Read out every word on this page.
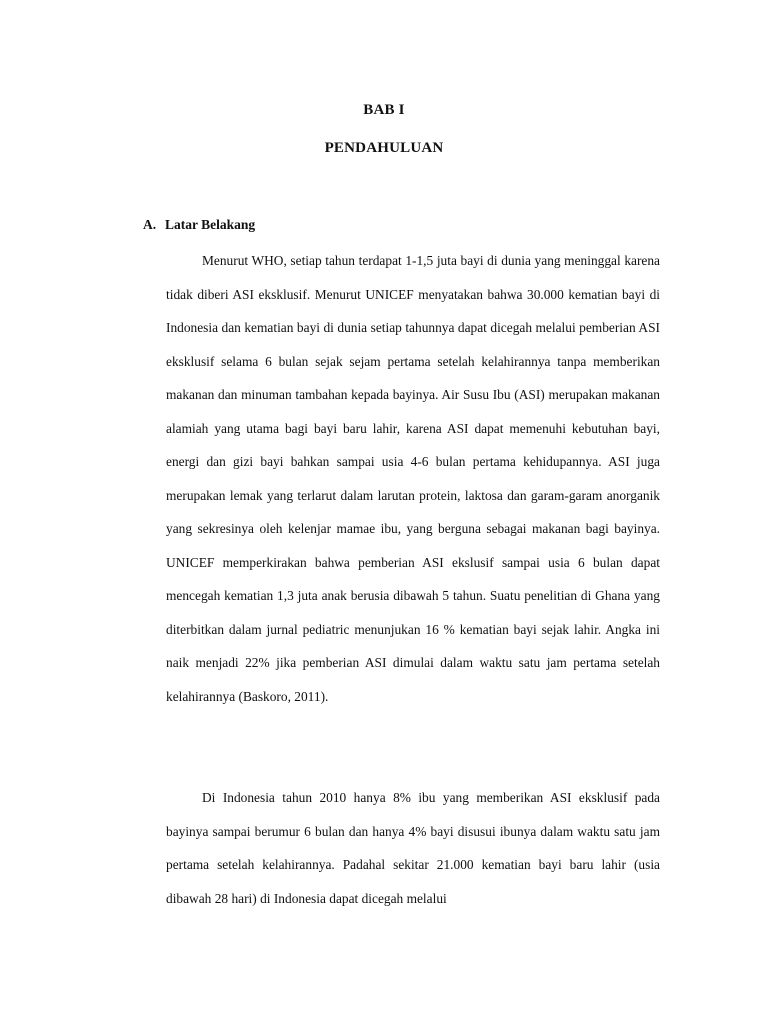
BAB I
PENDAHULUAN
A. Latar Belakang

Menurut WHO, setiap tahun terdapat 1-1,5 juta bayi di dunia yang meninggal karena tidak diberi ASI eksklusif. Menurut UNICEF menyatakan bahwa 30.000 kematian bayi di Indonesia dan kematian bayi di dunia setiap tahunnya dapat dicegah melalui pemberian ASI eksklusif selama 6 bulan sejak sejam pertama setelah kelahirannya tanpa memberikan makanan dan minuman tambahan kepada bayinya. Air Susu Ibu (ASI) merupakan makanan alamiah yang utama bagi bayi baru lahir, karena ASI dapat memenuhi kebutuhan bayi, energi dan gizi bayi bahkan sampai usia 4-6 bulan pertama kehidupannya. ASI juga merupakan lemak yang terlarut dalam larutan protein, laktosa dan garam-garam anorganik yang sekresinya oleh kelenjar mamae ibu, yang berguna sebagai makanan bagi bayinya. UNICEF memperkirakan bahwa pemberian ASI ekslusif sampai usia 6 bulan dapat mencegah kematian 1,3 juta anak berusia dibawah 5 tahun. Suatu penelitian di Ghana yang diterbitkan dalam jurnal pediatric menunjukan 16 % kematian bayi sejak lahir. Angka ini naik menjadi 22% jika pemberian ASI dimulai dalam waktu satu jam pertama setelah kelahirannya (Baskoro, 2011).

Di Indonesia tahun 2010 hanya 8% ibu yang memberikan ASI eksklusif pada bayinya sampai berumur 6 bulan dan hanya 4% bayi disusui ibunya dalam waktu satu jam pertama setelah kelahirannya. Padahal sekitar 21.000 kematian bayi baru lahir (usia dibawah 28 hari) di Indonesia dapat dicegah melalui
